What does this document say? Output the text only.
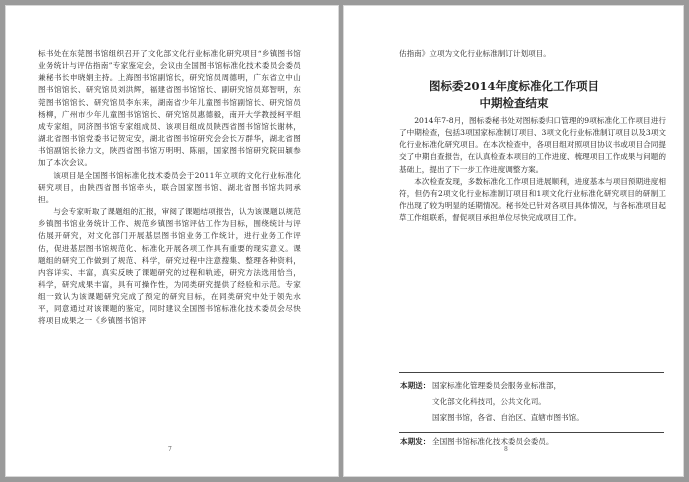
标书处在东莞图书馆组织召开了文化部文化行业标准化研究项目“乡镇图书馆业务统计与评估指南”专家鉴定会，会议由全国图书馆标准化技术委员会委员兼秘书长申晓娟主持。上海图书馆副馆长，研究馆员周德明，广东省立中山图书馆馆长、研究馆员刘洪辉，福建省图书馆馆长、副研究馆员郑智明，东莞图书馆馆长、研究馆员李东来，湖南省少年儿童图书馆副馆长、研究馆员杨柳，广州市少年儿童图书馆馆长、研究馆员惠德毅，南开大学教授柯平组成专家组，同济图书馆专家组成员、该项目组成员陕西省图书馆馆长谢林，湖北省图书馆党委书记贺定安，湖北省图书馆研究会会长万群华，湖北省图书馆副馆长徐力文，陕西省图书馆万明明、陈丽，国家图书馆研究院田颖参加了本次会议。

该项目是全国图书馆标准化技术委员会于2011年立项的文化行业标准化研究项目，由陕西省图书馆牵头，联合国家图书馆、湖北省图书馆共同承担。

与会专家听取了课题组的汇报，审阅了课题结项报告，认为该课题以规范乡镇图书馆业务统计工作、规范乡镇图书馆评估工作为目标，围绕统计与评估展开研究，对文化部门开展基层图书馆业务工作统计，进行业务工作评估，促进基层图书馆规范化、标准化开展各项工作具有重要的现实意义。课题组的研究工作做到了规范、科学，研究过程中注意搜集、整理各种资料，内容详实、丰富，真实反映了课题研究的过程和轨迹，研究方法选用恰当，科学，研究成果丰富，具有可操作性，为同类研究提供了经验和示范。专家组一致认为该课题研究完成了预定的研究目标，在同类研究中处于领先水平，同意通过对该课题的鉴定，同时建议全国图书馆标准化技术委员会尽快将项目成果之一《乡镇图书馆评

7
估指南》立项为文化行业标准制订计划项目。
图标委2014年度标准化工作项目
中期检查结束

2014年7-8月，图标委秘书处对图标委归口管理的9项标准化工作项目进行了中期检查，包括3项国家标准制订项目、3项文化行业标准制订项目以及3项文化行业标准化研究项目。在本次检查中，各项目组对照项目协议书或项目合同提交了中期自查报告，在认真检查本项目的工作进度、梳理项目工作成果与问题的基础上，提出了下一步工作进度调整方案。

本次检查发现，多数标准化工作项目进展顺利，进度基本与项目预期进度相符，但仍有2项文化行业标准制订项目和1项文化行业标准化研究项目的研制工作出现了较为明显的延期情况。秘书处已针对各项目具体情况，与各标准项目起草工作组联系，督促项目承担单位尽快完成项目工作。

本期送： 国家标准化管理委员会服务业标准部，
文化部文化科技司，公共文化司。
国家图书馆，各省、自治区、直辖市图书馆。
本期发： 全国图书馆标准化技术委员会委员。
8
